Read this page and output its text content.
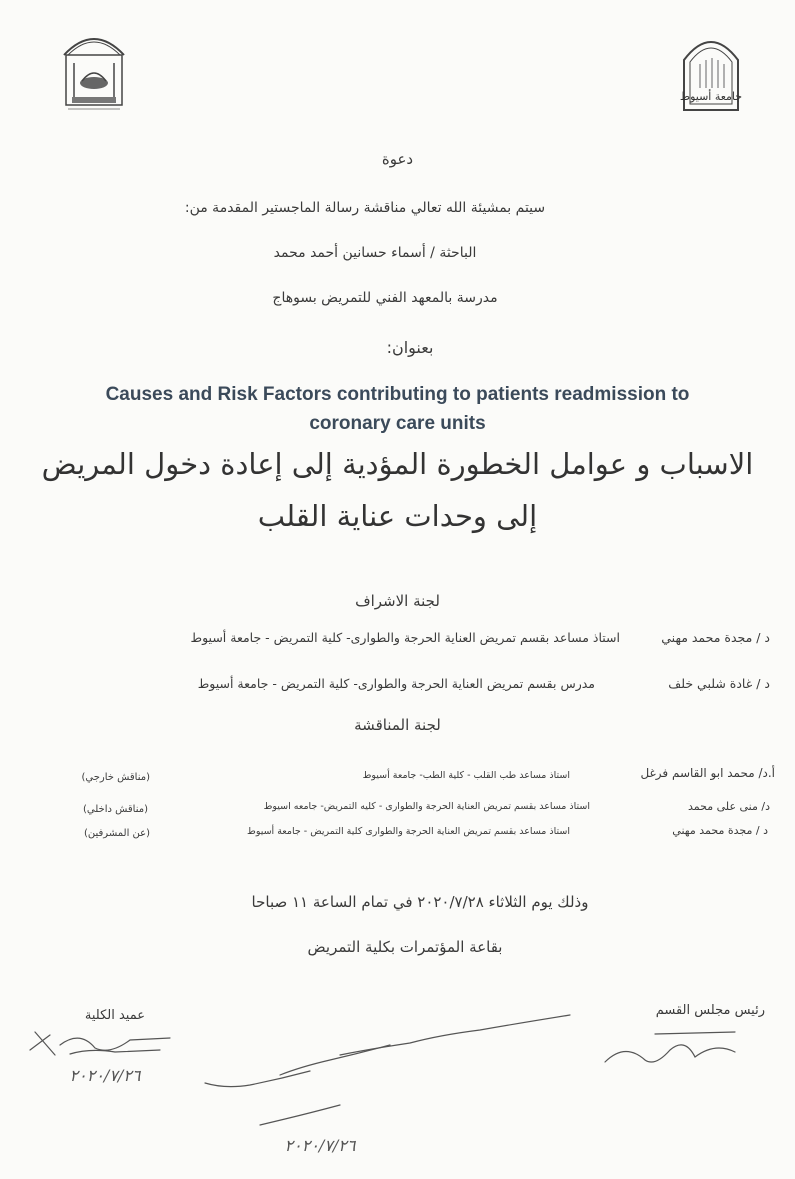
جامعة أسيوط
دعوة
سيتم بمشيئة الله تعالي مناقشة رسالة الماجستير المقدمة من:
الباحثة / أسماء حسانين أحمد محمد
مدرسة بالمعهد الفني للتمريض بسوهاج
بعنوان:
Causes and Risk Factors contributing to patients readmission to
coronary care units
الاسباب و عوامل الخطورة المؤدية إلى إعادة دخول المريض
إلى وحدات عناية القلب
لجنة الاشراف
د / مجدة محمد مهني
استاذ مساعد بقسم تمريض العناية الحرجة والطوارى- كلية التمريض - جامعة أسيوط
د / غادة شلبي خلف
مدرس بقسم تمريض العناية الحرجة والطوارى- كلية التمريض - جامعة أسيوط
لجنة المناقشة
أ.د/ محمد ابو القاسم فرغل
استاذ مساعد طب القلب - كلية الطب- جامعة أسيوط
(مناقش خارجي)
د/ منى على محمد
استاذ مساعد بقسم تمريض العناية الحرجة والطوارى - كليه التمريض- جامعه اسيوط
(مناقش داخلي)
د / مجدة محمد مهني
استاذ مساعد بقسم تمريض العناية الحرجة والطوارى كلية التمريض - جامعة أسيوط
(عن المشرفين)
وذلك يوم الثلاثاء ٢٠٢٠/٧/٢٨ في تمام الساعة ١١ صباحا
بقاعة المؤتمرات بكلية التمريض
رئيس مجلس القسم
عميد الكلية
٢٠٢٠/٧/٢٦
٢٠٢٠/٧/٢٦
